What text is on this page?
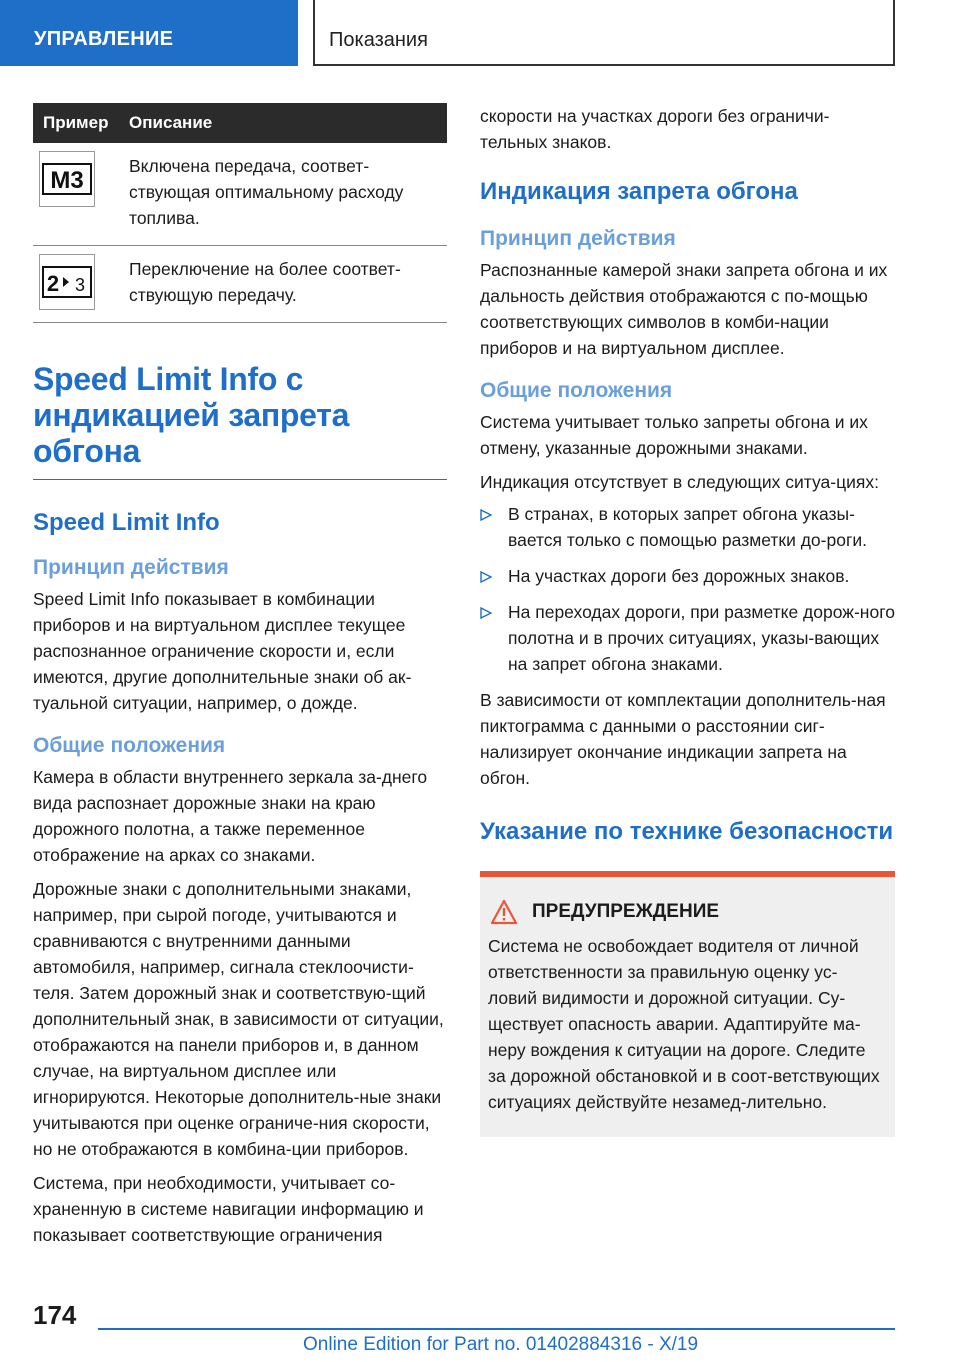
УПРАВЛЕНИЕ	Показания
Пример	Описание

M3	Включена передача, соответ-ствующая оптимальному расходу топлива.

2 3	Переключение на более соответ-ствующую передачу.
Speed Limit Info с индикацией запрета обгона
Speed Limit Info
Принцип действия

Speed Limit Info показывает в комбинации приборов и на виртуальном дисплее текущее распознанное ограничение скорости и, если имеются, другие дополнительные знаки об ак-туальной ситуации, например, о дожде.

Общие положения

Камера в области внутреннего зеркала за-днего вида распознает дорожные знаки на краю дорожного полотна, а также переменное отображение на арках со знаками.

Дорожные знаки с дополнительными знаками, например, при сырой погоде, учитываются и сравниваются с внутренними данными автомобиля, например, сигнала стеклоочисти-теля. Затем дорожный знак и соответствую-щий дополнительный знак, в зависимости от ситуации, отображаются на панели приборов и, в данном случае, на виртуальном дисплее или игнорируются. Некоторые дополнитель-ные знаки учитываются при оценке ограниче-ния скорости, но не отображаются в комбина-ции приборов.

Система, при необходимости, учитывает со-храненную в системе навигации информацию и показывает соответствующие ограничения

скорости на участках дороги без ограничи-тельных знаков.

Индикация запрета обгона
Принцип действия

Распознанные камерой знаки запрета обгона и их дальность действия отображаются с по-мощью соответствующих символов в комби-нации приборов и на виртуальном дисплее.

Общие положения

Система учитывает только запреты обгона и их отмену, указанные дорожными знаками.

Индикация отсутствует в следующих ситуа-циях:

В странах, в которых запрет обгона указы-вается только с помощью разметки до-роги.
На участках дороги без дорожных знаков.
На переходах дороги, при разметке дорож-ного полотна и в прочих ситуациях, указы-вающих на запрет обгона знаками.

В зависимости от комплектации дополнитель-ная пиктограмма с данными о расстоянии сиг-нализирует окончание индикации запрета на обгон.

Указание по технике безопасности
ПРЕДУПРЕЖДЕНИЕ

Система не освобождает водителя от личной ответственности за правильную оценку ус-ловий видимости и дорожной ситуации. Су-ществует опасность аварии. Адаптируйте ма-неру вождения к ситуации на дороге. Следите за дорожной обстановкой и в соот-ветствующих ситуациях действуйте незамед-лительно.

174
Online Edition for Part no. 01402884316 - X/19
